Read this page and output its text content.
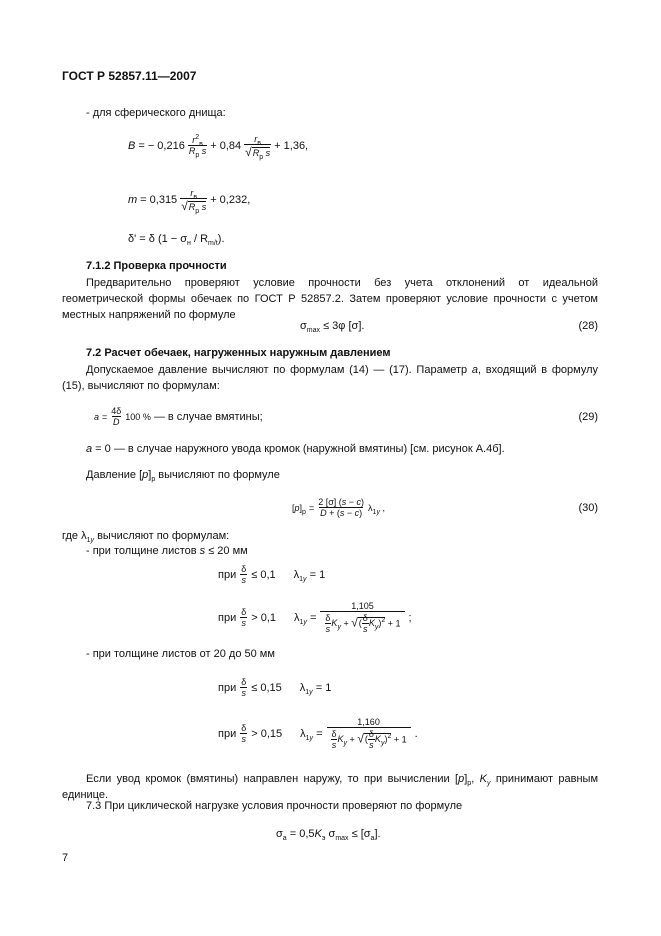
ГОСТ Р 52857.11—2007
- для сферического днища:
B = − $0,216 \frac{r^2_в}{R_p s} + 0,84 \frac{r_в}{√R_p s} + 1,36$,
$m = 0,315 \frac{r_в}{√R_p s} + 0,232$,
δ' = δ $(1 - \sigma_н / R_{m/t})$.
7.1.2 Проверка прочности

Предварительно проверяют условие прочности без учета отклонений от идеальной геометрической формы обечаек по ГОСТ Р 52857.2. Затем проверяют условие прочности с учетом местных напряжений по формуле

$\sigma_{max} \le 3\varphi$ [σ].	(28)
7.2 Расчет обечаек, нагруженных наружным давлением

Допускаемое давление вычисляют по формулам (14) — (17). Параметр a, входящий в формулу (15), вычисляют по формулам:

$a = \frac{4\delta}{D} 100$ % — в случае вмятины;	(29)
a = 0 — в случае наружного увода кромок (наружной вмятины) [см. рисунок А.4б].
Давление $[p]_p$ вычисляют по формуле
$[p]_p = \frac{2 [\sigma] (s - c)}{D + (s - c)} \lambda_{1y}$ ,	(30)
где $\lambda_{1y}$ вычисляют по формулам:
- при толщине листов s ≤ 20 мм
при $\frac{\delta}{s} \le 0,1$ $\lambda_{1y} = 1$
при $\frac{\delta}{s} > 0,1$ $\lambda_{1y} = \frac{1,105}{\frac{\delta}{s} K_y + √( \frac{\delta}{s} K_y)^2 + 1}$ ;
- при толщине листов от 20 до 50 мм
при $\frac{\delta}{s} \le 0,15$ $\lambda_{1y} = 1$
при $\frac{\delta}{s} > 0,15$ $\lambda_{1y} = \frac{1,160}{\frac{\delta}{s} K_y + √( \frac{\delta}{s} K_y)^2 + 1}$ .

Если увод кромок (вмятины) направлен наружу, то при вычислении $[p]_p$, $K_y$ принимают равным единице.

7.3 При циклической нагрузке условия прочности проверяют по формуле
$\sigma_a = 0,5K_э$ $\sigma_{max} \le [\sigma_a]$.
7
